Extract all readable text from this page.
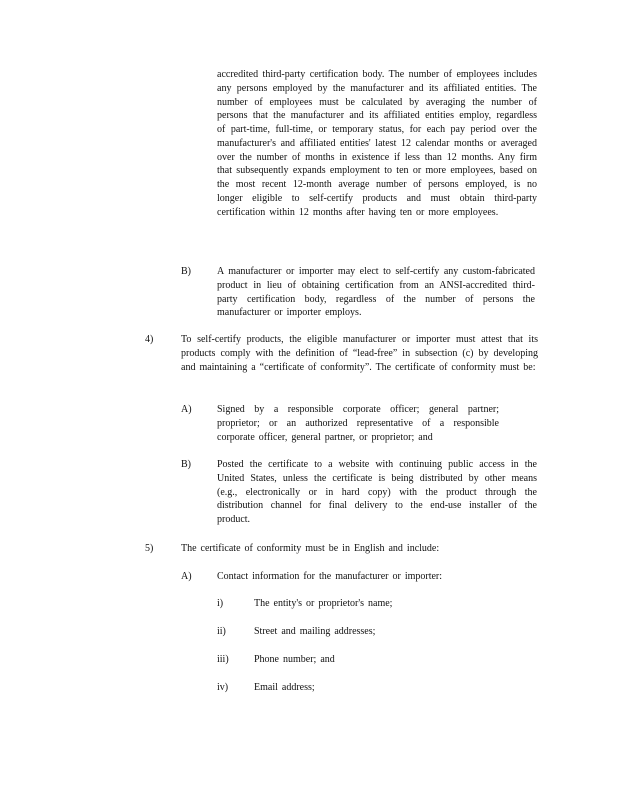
accredited third-party certification body. The number of employees includes any persons employed by the manufacturer and its affiliated entities. The number of employees must be calculated by averaging the number of persons that the manufacturer and its affiliated entities employ, regardless of part-time, full-time, or temporary status, for each pay period over the manufacturer's and affiliated entities' latest 12 calendar months or averaged over the number of months in existence if less than 12 months. Any firm that subsequently expands employment to ten or more employees, based on the most recent 12-month average number of persons employed, is no longer eligible to self-certify products and must obtain third-party certification within 12 months after having ten or more employees.
B)	A manufacturer or importer may elect to self-certify any custom-fabricated product in lieu of obtaining certification from an ANSI-accredited third-party certification body, regardless of the number of persons the manufacturer or importer employs.
4)	To self-certify products, the eligible manufacturer or importer must attest that its products comply with the definition of “lead-free” in subsection (c) by developing and maintaining a “certificate of conformity”. The certificate of conformity must be:
A)	Signed by a responsible corporate officer; general partner; proprietor; or an authorized representative of a responsible corporate officer, general partner, or proprietor; and
B)	Posted the certificate to a website with continuing public access in the United States, unless the certificate is being distributed by other means (e.g., electronically or in hard copy) with the product through the distribution channel for final delivery to the end-use installer of the product.
5)	The certificate of conformity must be in English and include:
A)	Contact information for the manufacturer or importer:
i)	The entity's or proprietor's name;
ii)	Street and mailing addresses;
iii)	Phone number; and
iv)	Email address;
